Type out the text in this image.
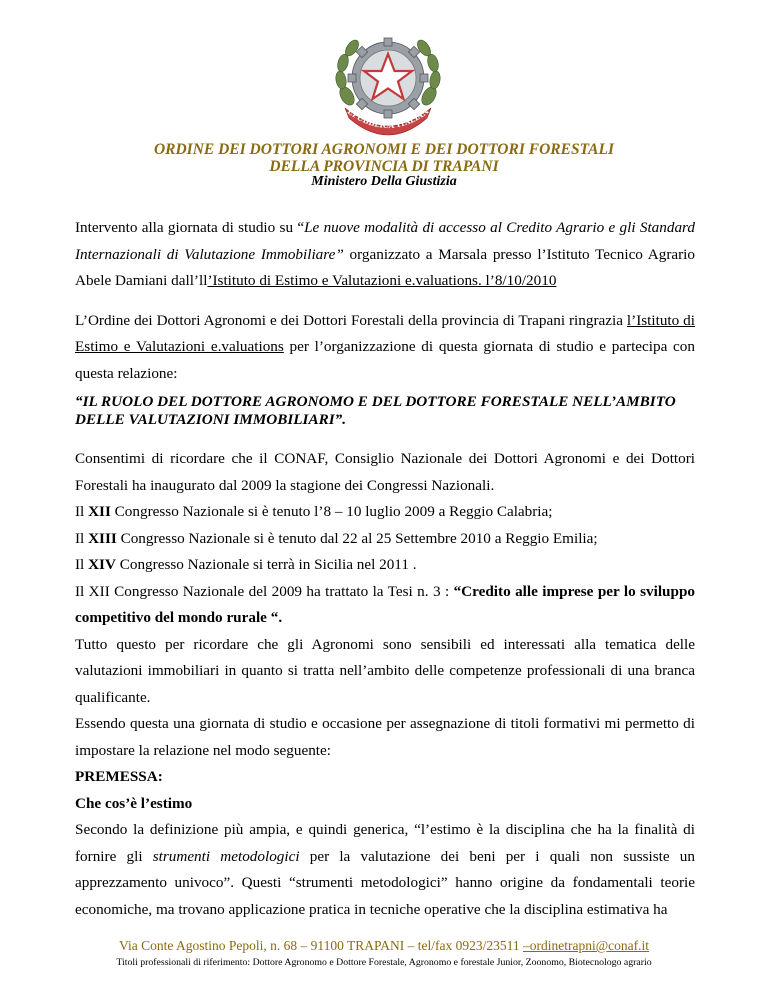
EPUBBLICA ITALIAN
ORDINE DEI DOTTORI AGRONOMI E DEI DOTTORI FORESTALI
DELLA PROVINCIA DI TRAPANI
Ministero Della Giustizia

Intervento alla giornata di studio su “Le nuove modalità di accesso al Credito Agrario e gli Standard Internazionali di Valutazione Immobiliare” organizzato a Marsala presso l’Istituto Tecnico Agrario Abele Damiani dall’ll’Istituto di Estimo e Valutazioni e.valuations. l’8/10/2010

L’Ordine dei Dottori Agronomi e dei Dottori Forestali della provincia di Trapani ringrazia l’Istituto di Estimo e Valutazioni e.valuations per l’organizzazione di questa giornata di studio e partecipa con questa relazione:

“IL RUOLO DEL DOTTORE AGRONOMO E DEL DOTTORE FORESTALE NELL’AMBITO DELLE VALUTAZIONI IMMOBILIARI”.

Consentimi di ricordare che il CONAF, Consiglio Nazionale dei Dottori Agronomi e dei Dottori Forestali ha inaugurato dal 2009 la stagione dei Congressi Nazionali.

Il XII Congresso Nazionale si è tenuto l’8 – 10 luglio 2009 a Reggio Calabria;

Il XIII Congresso Nazionale si è tenuto dal 22 al 25 Settembre 2010 a Reggio Emilia;

Il XIV Congresso Nazionale si terrà in Sicilia nel 2011 .

Il XII Congresso Nazionale del 2009 ha trattato la Tesi n. 3 : “Credito alle imprese per lo sviluppo competitivo del mondo rurale “.

Tutto questo per ricordare che gli Agronomi sono sensibili ed interessati alla tematica delle valutazioni immobiliari in quanto si tratta nell’ambito delle competenze professionali di una branca qualificante.

Essendo questa una giornata di studio e occasione per assegnazione di titoli formativi mi permetto di impostare la relazione nel modo seguente:

PREMESSA:

Che cos’è l’estimo

Secondo la definizione più ampia, e quindi generica, “l’estimo è la disciplina che ha la finalità di fornire gli strumenti metodologici per la valutazione dei beni per i quali non sussiste un apprezzamento univoco”. Questi “strumenti metodologici” hanno origine da fondamentali teorie economiche, ma trovano applicazione pratica in tecniche operative che la disciplina estimativa ha

Via Conte Agostino Pepoli, n. 68 – 91100 TRAPANI – tel/fax 0923/23511 –ordinetrapni@conaf.it
Titoli professionali di riferimento: Dottore Agronomo e Dottore Forestale, Agronomo e forestale Junior, Zoonomo, Biotecnologo agrario
